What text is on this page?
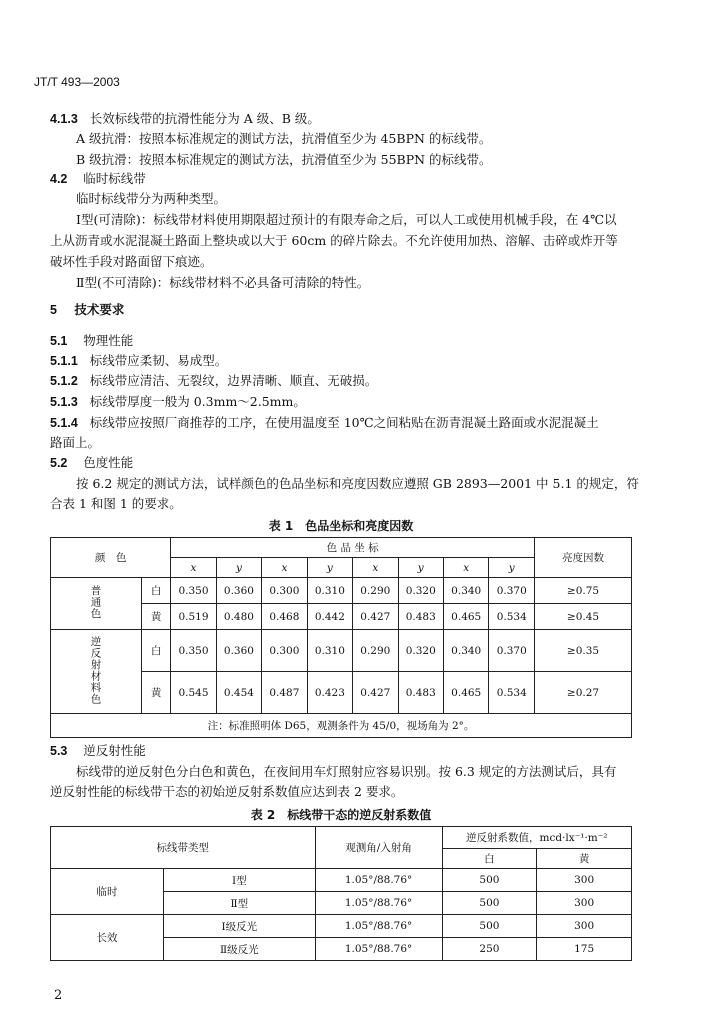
JT/T 493—2003
4.1.3 长效标线带的抗滑性能分为 A 级、B 级。
A 级抗滑：按照本标准规定的测试方法，抗滑值至少为 45BPN 的标线带。
B 级抗滑：按照本标准规定的测试方法，抗滑值至少为 55BPN 的标线带。
4.2 临时标线带
临时标线带分为两种类型。
Ⅰ型(可清除)：标线带材料使用期限超过预计的有限寿命之后，可以人工或使用机械手段，在 4℃以
上从沥青或水泥混凝土路面上整块或以大于 60cm 的碎片除去。不允许使用加热、溶解、击碎或炸开等
破坏性手段对路面留下痕迹。
Ⅱ型(不可清除)：标线带材料不必具备可清除的特性。
5 技术要求
5.1 物理性能
5.1.1 标线带应柔韧、易成型。
5.1.2 标线带应清洁、无裂纹，边界清晰、顺直、无破损。
5.1.3 标线带厚度一般为 0.3mm～2.5mm。
5.1.4 标线带应按照厂商推荐的工序，在使用温度至 10℃之间粘贴在沥青混凝土路面或水泥混凝土
路面上。
5.2 色度性能
按 6.2 规定的测试方法，试样颜色的色品坐标和亮度因数应遵照 GB 2893—2001 中 5.1 的规定，符
合表 1 和图 1 的要求。
表 1　色品坐标和亮度因数
颜　色		色 品 坐 标								亮度因数
		x	y	x	y	x	y	x	y	
普通色	白	0.350	0.360	0.300	0.310	0.290	0.320	0.340	0.370	≥0.75
	黄	0.519	0.480	0.468	0.442	0.427	0.483	0.465	0.534	≥0.45
逆反射材料色	白	0.350	0.360	0.300	0.310	0.290	0.320	0.340	0.370	≥0.35
	黄	0.545	0.454	0.487	0.423	0.427	0.483	0.465	0.534	≥0.27
注：标准照明体 D65，观测条件为 45/0，视场角为 2°。										
5.3 逆反射性能
标线带的逆反射色分白色和黄色，在夜间用车灯照射应容易识别。按 6.3 规定的方法测试后，具有
逆反射性能的标线带干态的初始逆反射系数值应达到表 2 要求。
表 2　标线带干态的逆反射系数值
标线带类型		观测角/入射角	逆反射系数值，mcd·lx⁻¹·m⁻²	
			白	黄
临时	Ⅰ型	1.05°/88.76°	500	300
	Ⅱ型	1.05°/88.76°	500	300
长效	Ⅰ级反光	1.05°/88.76°	500	300
	Ⅱ级反光	1.05°/88.76°	250	175
2
